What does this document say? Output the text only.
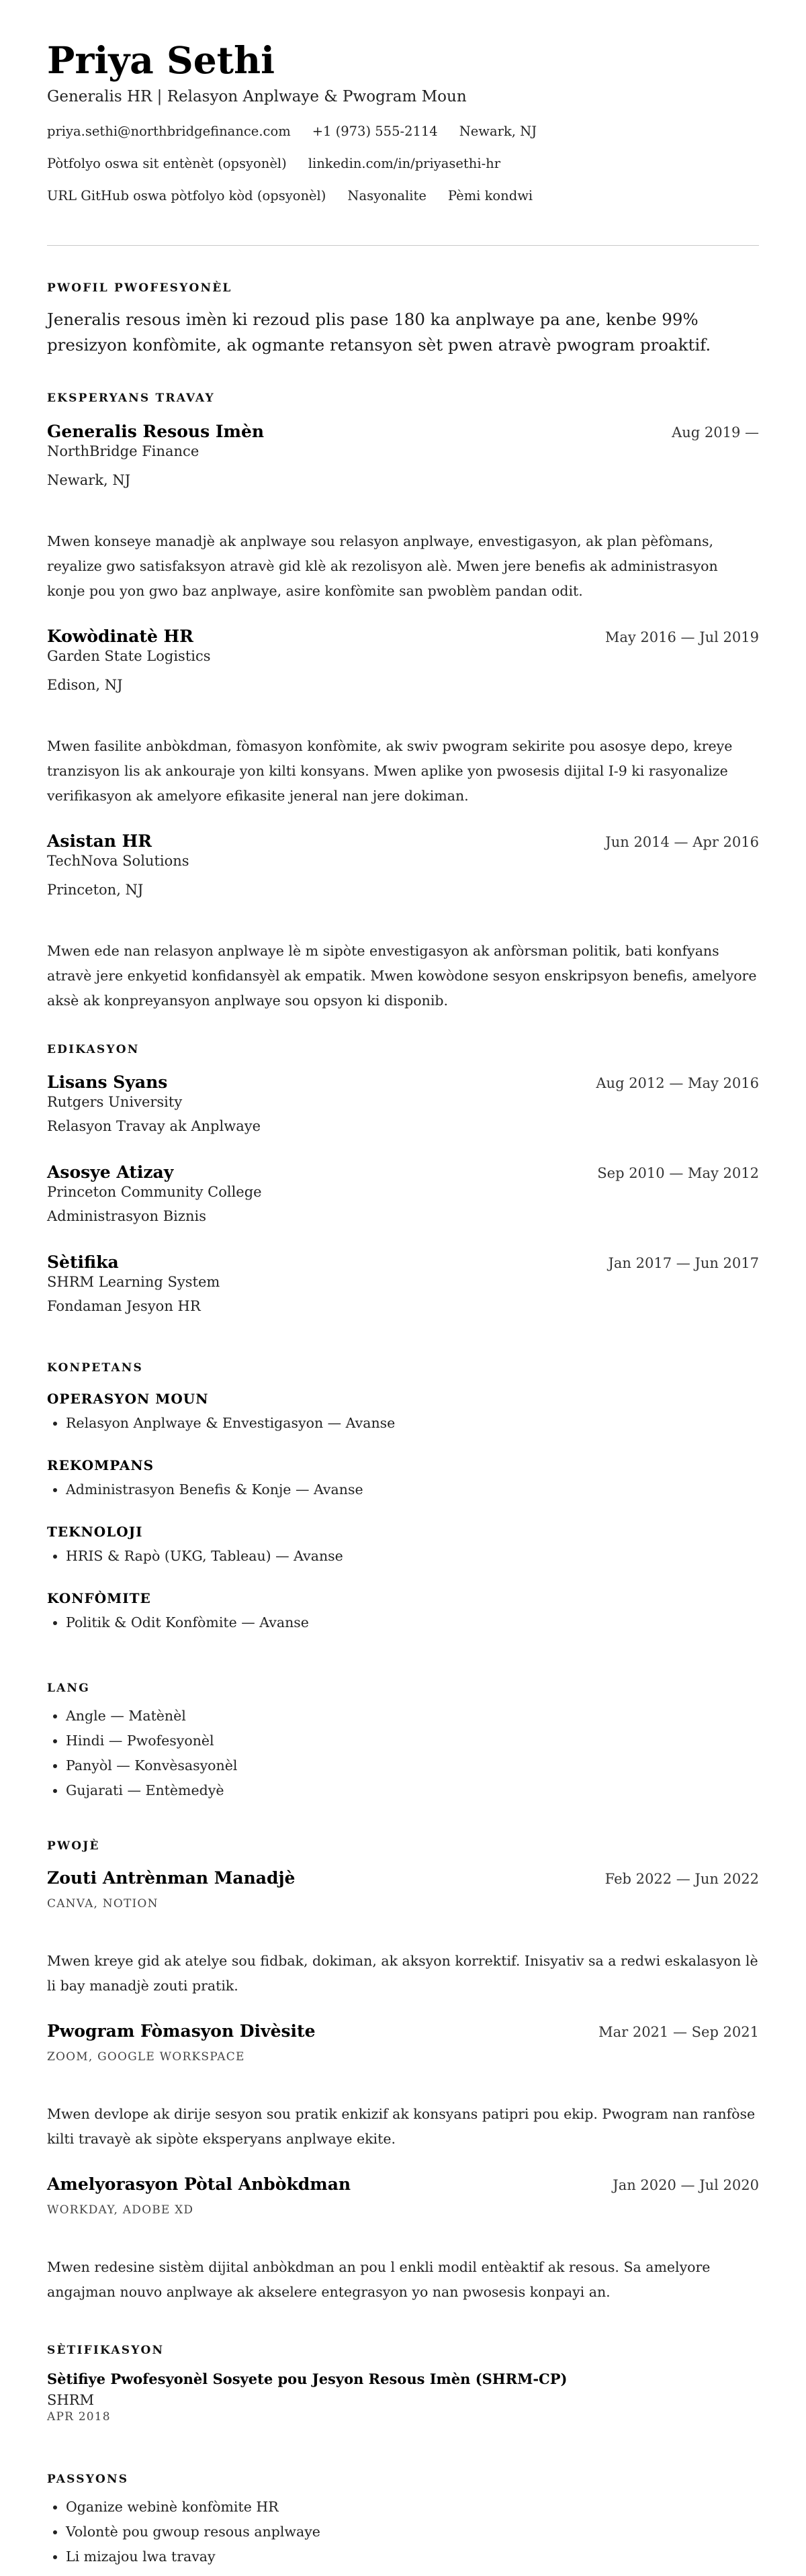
Priya Sethi
Generalis HR | Relasyon Anplwaye & Pwogram Moun
priya.sethi@northbridgefinance.com +1 (973) 555-2114 Newark, NJ
Pòtfolyo oswa sit entènèt (opsyonèl) linkedin.com/in/priyasethi-hr
URL GitHub oswa pòtfolyo kòd (opsyonèl) Nasyonalite Pèmi kondwi
PWOFIL PWOFESYONÈL
Jeneralis resous imèn ki rezoud plis pase 180 ka anplwaye pa ane, kenbe 99% presizyon konfòmite, ak ogmante retansyon sèt pwen atravè pwogram proaktif.
EKSPERYANS TRAVAY
Generalis Resous Imèn	Aug 2019 —
NorthBridge Finance
Newark, NJ
Mwen konseye manadjè ak anplwaye sou relasyon anplwaye, envestigasyon, ak plan pèfòmans, reyalize gwo satisfaksyon atravè gid klè ak rezolisyon alè. Mwen jere benefis ak administrasyon konje pou yon gwo baz anplwaye, asire konfòmite san pwoblèm pandan odit.
Kowòdinatè HR	May 2016 — Jul 2019
Garden State Logistics
Edison, NJ
Mwen fasilite anbòkdman, fòmasyon konfòmite, ak swiv pwogram sekirite pou asosye depo, kreye tranzisyon lis ak ankouraje yon kilti konsyans. Mwen aplike yon pwosesis dijital I-9 ki rasyonalize verifikasyon ak amelyore efikasite jeneral nan jere dokiman.
Asistan HR	Jun 2014 — Apr 2016
TechNova Solutions
Princeton, NJ
Mwen ede nan relasyon anplwaye lè m sipòte envestigasyon ak anfòrsman politik, bati konfyans atravè jere enkyetid konfidansyèl ak empatik. Mwen kowòdone sesyon enskripsyon benefis, amelyore aksè ak konpreyansyon anplwaye sou opsyon ki disponib.
EDIKASYON
Lisans Syans	Aug 2012 — May 2016
Rutgers University
Relasyon Travay ak Anplwaye
Asosye Atizay	Sep 2010 — May 2012
Princeton Community College
Administrasyon Biznis
Sètifika	Jan 2017 — Jun 2017
SHRM Learning System
Fondaman Jesyon HR
KONPETANS
OPERASYON MOUN
• Relasyon Anplwaye & Envestigasyon — Avanse
REKOMPANS
• Administrasyon Benefis & Konje — Avanse
TEKNOLOJI
• HRIS & Rapò (UKG, Tableau) — Avanse
KONFÒMITE
• Politik & Odit Konfòmite — Avanse
LANG
• Angle — Matènèl
• Hindi — Pwofesyonèl
• Panyòl — Konvèsasyonèl
• Gujarati — Entèmedyè
PWOJÈ
Zouti Antrènman Manadjè	Feb 2022 — Jun 2022
CANVA, NOTION
Mwen kreye gid ak atelye sou fidbak, dokiman, ak aksyon korrektif. Inisyativ sa a redwi eskalasyon lè li bay manadjè zouti pratik.
Pwogram Fòmasyon Divèsite	Mar 2021 — Sep 2021
ZOOM, GOOGLE WORKSPACE
Mwen devlope ak dirije sesyon sou pratik enkizif ak konsyans patipri pou ekip. Pwogram nan ranfòse kilti travayè ak sipòte eksperyans anplwaye ekite.
Amelyorasyon Pòtal Anbòkdman	Jan 2020 — Jul 2020
WORKDAY, ADOBE XD
Mwen redesine sistèm dijital anbòkdman an pou l enkli modil entèaktif ak resous. Sa amelyore angajman nouvo anplwaye ak akselere entegrasyon yo nan pwosesis konpayi an.
SÈTIFIKASYON
Sètifiye Pwofesyonèl Sosyete pou Jesyon Resous Imèn (SHRM-CP)
SHRM
APR 2018
PASSYONS
• Oganize webinè konfòmite HR
• Volontè pou gwoup resous anplwaye
• Li mizajou lwa travay
